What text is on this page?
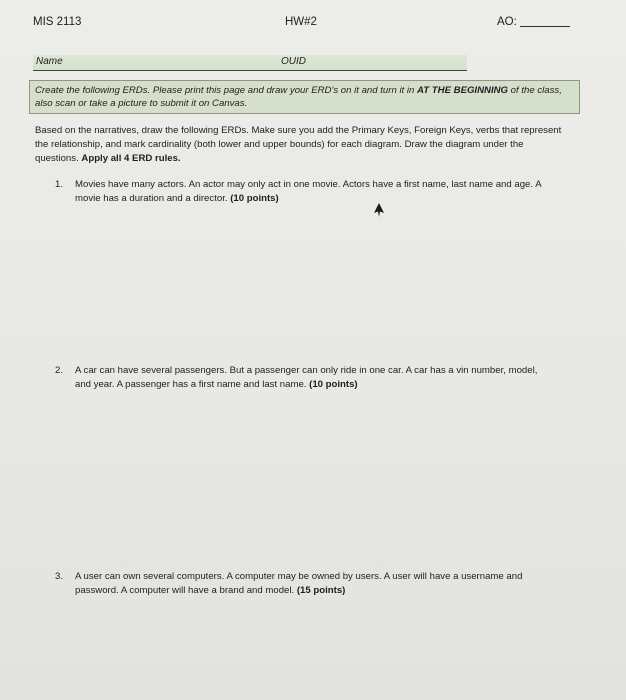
MIS 2113	HW#2	AO:
Name	OUID
Create the following ERDs. Please print this page and draw your ERD's on it and turn it in AT THE BEGINNING of the class, also scan or take a picture to submit it on Canvas.
Based on the narratives, draw the following ERDs. Make sure you add the Primary Keys, Foreign Keys, verbs that represent the relationship, and mark cardinality (both lower and upper bounds) for each diagram. Draw the diagram under the questions. Apply all 4 ERD rules.
1. Movies have many actors. An actor may only act in one movie. Actors have a first name, last name and age. A movie has a duration and a director. (10 points)
2. A car can have several passengers. But a passenger can only ride in one car. A car has a vin number, model, and year. A passenger has a first name and last name. (10 points)
3. A user can own several computers. A computer may be owned by users. A user will have a username and password. A computer will have a brand and model. (15 points)
